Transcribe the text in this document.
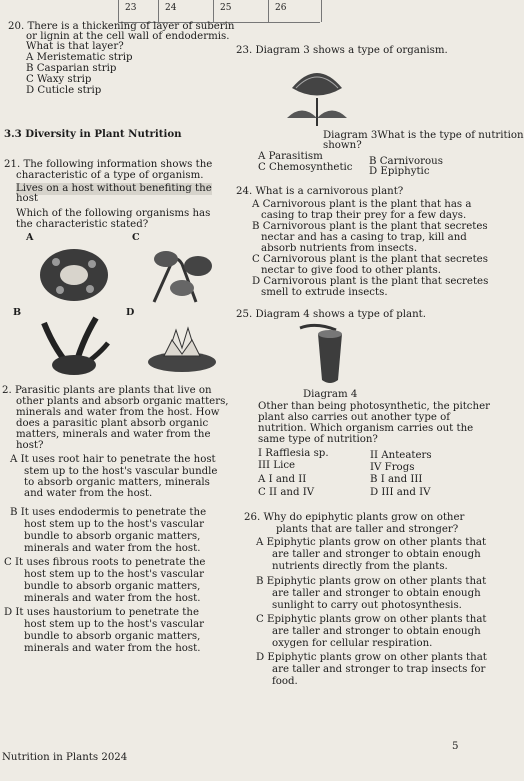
23	24	25	26
20. There is a thickening of layer of suberin
or lignin at the cell wall of endodermis.
What is that layer?
A Meristematic strip
B Casparian strip
C Waxy strip
D Cuticle strip
23. Diagram 3 shows a type of organism.
Diagram 3What is the type of nutrition
shown?
A Parasitism	B Carnivorous
C Chemosynthetic D Epiphytic
3.3 Diversity in Plant Nutrition
21. The following information shows the
characteristic of a type of organism.
Lives on a host without benefiting the
host
Which of the following organisms has
the characteristic stated?
A	C
B	D
24. What is a carnivorous plant?
A Carnivorous plant is the plant that has a
casing to trap their prey for a few days.
B Carnivorous plant is the plant that secretes
nectar and has a casing to trap, kill and
absorb nutrients from insects.
C Carnivorous plant is the plant that secretes
nectar to give food to other plants.
D Carnivorous plant is the plant that secretes
smell to extrude insects.
25. Diagram 4 shows a type of plant.
Diagram 4
Other than being photosynthetic, the pitcher
plant also carries out another type of
nutrition. Which organism carries out the
same type of nutrition?
I Rafflesia sp.	II Anteaters
III Lice	IV Frogs
A I and II	B I and III
C II and IV	D III and IV
2. Parasitic plants are plants that live on
other plants and absorb organic matters,
minerals and water from the host. How
does a parasitic plant absorb organic
matters, minerals and water from the
host?
A It uses root hair to penetrate the host
stem up to the host's vascular bundle
to absorb organic matters, minerals
and water from the host.
B It uses endodermis to penetrate the
host stem up to the host's vascular
bundle to absorb organic matters,
minerals and water from the host.
C It uses fibrous roots to penetrate the
host stem up to the host's vascular
bundle to absorb organic matters,
minerals and water from the host.
D It uses haustorium to penetrate the
host stem up to the host's vascular
bundle to absorb organic matters,
minerals and water from the host.
26. Why do epiphytic plants grow on other
plants that are taller and stronger?
A Epiphytic plants grow on other plants that
are taller and stronger to obtain enough
nutrients directly from the plants.
B Epiphytic plants grow on other plants that
are taller and stronger to obtain enough
sunlight to carry out photosynthesis.
C Epiphytic plants grow on other plants that
are taller and stronger to obtain enough
oxygen for cellular respiration.
D Epiphytic plants grow on other plants that
are taller and stronger to trap insects for
food.
Nutrition in Plants 2024
5
